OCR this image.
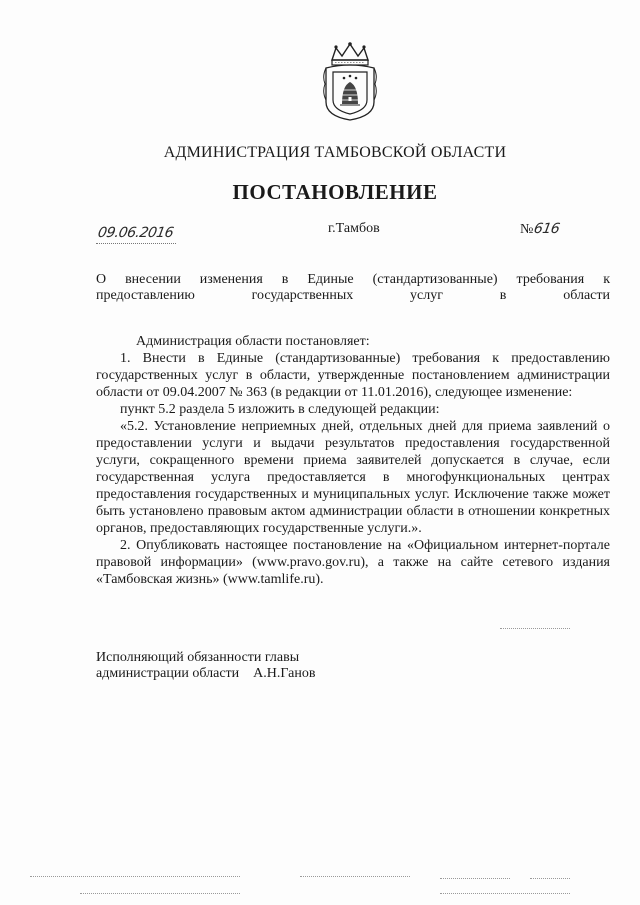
АДМИНИСТРАЦИЯ ТАМБОВСКОЙ ОБЛАСТИ
ПОСТАНОВЛЕНИЕ
09.06.2016	г.Тамбов	№616
О внесении изменения в Единые (стандартизованные) требования к
предоставлению государственных услуг в области

Администрация области постановляет:

1. Внести в Единые (стандартизованные) требования к предоставлению государственных услуг в области, утвержденные постановлением администрации области от 09.04.2007 № 363 (в редакции от 11.01.2016), следующее изменение:

пункт 5.2 раздела 5 изложить в следующей редакции:

«5.2. Установление неприемных дней, отдельных дней для приема заявлений о предоставлении услуги и выдачи результатов предоставления государственной услуги, сокращенного времени приема заявителей допускается в случае, если государственная услуга предоставляется в многофункциональных центрах предоставления государственных и муниципальных услуг. Исключение также может быть установлено правовым актом администрации области в отношении конкретных органов, предоставляющих государственные услуги.».

2. Опубликовать настоящее постановление на «Официальном интернет-портале правовой информации» (www.pravo.gov.ru), а также на сайте сетевого издания «Тамбовская жизнь» (www.tamlife.ru).

Исполняющий обязанности главы
администрации области А.Н.Ганов
